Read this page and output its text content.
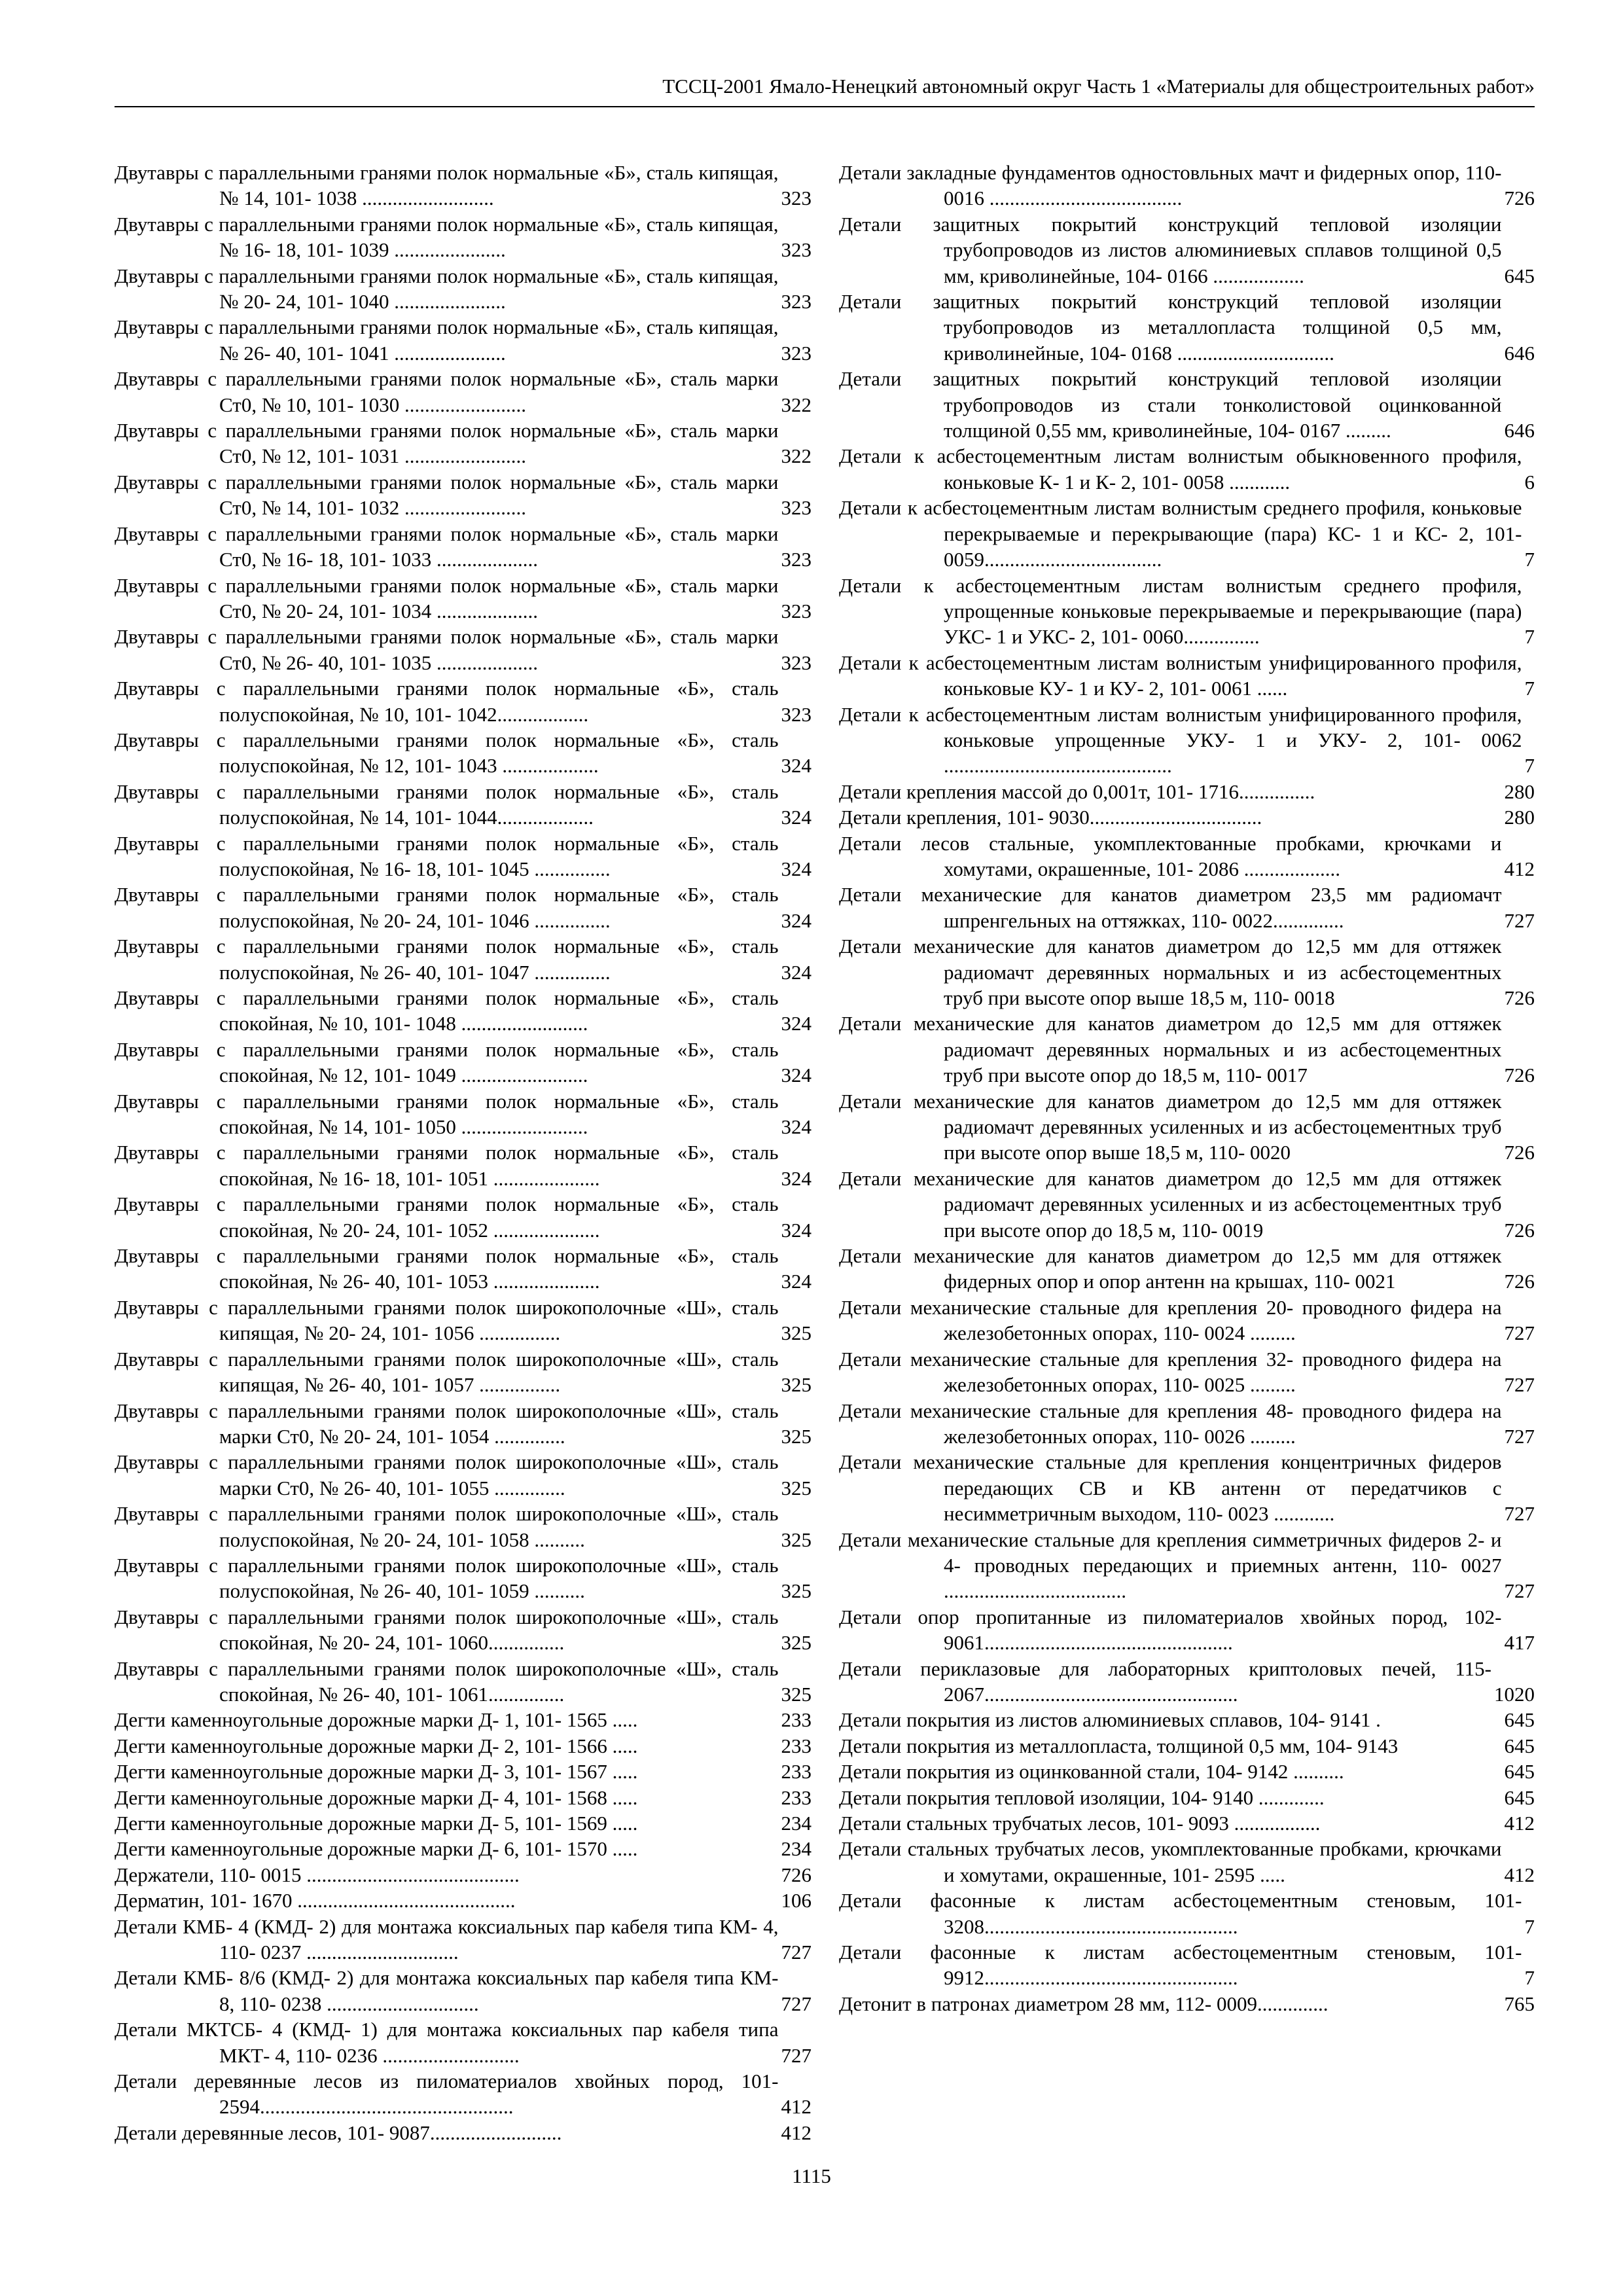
ТССЦ-2001 Ямало-Ненецкий автономный округ Часть 1 «Материалы для общестроительных работ»
Двутавры с параллельными гранями полок нормальные «Б», сталь кипящая, № 14, 101- 1038 ..........................	323
Двутавры с параллельными гранями полок нормальные «Б», сталь кипящая, № 16- 18, 101- 1039 ......................	323
Двутавры с параллельными гранями полок нормальные «Б», сталь кипящая, № 20- 24, 101- 1040 ......................	323
Двутавры с параллельными гранями полок нормальные «Б», сталь кипящая, № 26- 40, 101- 1041 ......................	323
Двутавры с параллельными гранями полок нормальные «Б», сталь марки Ст0, № 10, 101- 1030 ........................	322
Двутавры с параллельными гранями полок нормальные «Б», сталь марки Ст0, № 12, 101- 1031 ........................	322
Двутавры с параллельными гранями полок нормальные «Б», сталь марки Ст0, № 14, 101- 1032 ........................	323
Двутавры с параллельными гранями полок нормальные «Б», сталь марки Ст0, № 16- 18, 101- 1033 ....................	323
Двутавры с параллельными гранями полок нормальные «Б», сталь марки Ст0, № 20- 24, 101- 1034 ....................	323
Двутавры с параллельными гранями полок нормальные «Б», сталь марки Ст0, № 26- 40, 101- 1035 ....................	323
Двутавры с параллельными гранями полок нормальные «Б», сталь полуспокойная, № 10, 101- 1042..................	323
Двутавры с параллельными гранями полок нормальные «Б», сталь полуспокойная, № 12, 101- 1043 ...................	324
Двутавры с параллельными гранями полок нормальные «Б», сталь полуспокойная, № 14, 101- 1044...................	324
Двутавры с параллельными гранями полок нормальные «Б», сталь полуспокойная, № 16- 18, 101- 1045 ...............	324
Двутавры с параллельными гранями полок нормальные «Б», сталь полуспокойная, № 20- 24, 101- 1046 ...............	324
Двутавры с параллельными гранями полок нормальные «Б», сталь полуспокойная, № 26- 40, 101- 1047 ...............	324
Двутавры с параллельными гранями полок нормальные «Б», сталь спокойная, № 10, 101- 1048 .........................	324
Двутавры с параллельными гранями полок нормальные «Б», сталь спокойная, № 12, 101- 1049 .........................	324
Двутавры с параллельными гранями полок нормальные «Б», сталь спокойная, № 14, 101- 1050 .........................	324
Двутавры с параллельными гранями полок нормальные «Б», сталь спокойная, № 16- 18, 101- 1051 .....................	324
Двутавры с параллельными гранями полок нормальные «Б», сталь спокойная, № 20- 24, 101- 1052 .....................	324
Двутавры с параллельными гранями полок нормальные «Б», сталь спокойная, № 26- 40, 101- 1053 .....................	324
Двутавры с параллельными гранями полок широкополочные «Ш», сталь кипящая, № 20- 24, 101- 1056 ................	325
Двутавры с параллельными гранями полок широкополочные «Ш», сталь кипящая, № 26- 40, 101- 1057 ................	325
Двутавры с параллельными гранями полок широкополочные «Ш», сталь марки Ст0, № 20- 24, 101- 1054 ..............	325
Двутавры с параллельными гранями полок широкополочные «Ш», сталь марки Ст0, № 26- 40, 101- 1055 ..............	325
Двутавры с параллельными гранями полок широкополочные «Ш», сталь полуспокойная, № 20- 24, 101- 1058 ..........	325
Двутавры с параллельными гранями полок широкополочные «Ш», сталь полуспокойная, № 26- 40, 101- 1059 ..........	325
Двутавры с параллельными гранями полок широкополочные «Ш», сталь спокойная, № 20- 24, 101- 1060...............	325
Двутавры с параллельными гранями полок широкополочные «Ш», сталь спокойная, № 26- 40, 101- 1061...............	325
Дегти каменноугольные дорожные марки Д- 1, 101- 1565 .....	233
Дегти каменноугольные дорожные марки Д- 2, 101- 1566 .....	233
Дегти каменноугольные дорожные марки Д- 3, 101- 1567 .....	233
Дегти каменноугольные дорожные марки Д- 4, 101- 1568 .....	233
Дегти каменноугольные дорожные марки Д- 5, 101- 1569 .....	234
Дегти каменноугольные дорожные марки Д- 6, 101- 1570 .....	234
Держатели, 110- 0015 ..........................................	726
Дерматин, 101- 1670 ...........................................	106
Детали КМБ- 4 (КМД- 2) для монтажа коксиальных пар кабеля типа КМ- 4, 110- 0237 ..............................	727
Детали КМБ- 8/6 (КМД- 2) для монтажа коксиальных пар кабеля типа КМ- 8, 110- 0238 ..............................	727
Детали МКТСБ- 4 (КМД- 1) для монтажа коксиальных пар кабеля типа МКТ- 4, 110- 0236 ...........................	727
Детали деревянные лесов из пиломатериалов хвойных пород, 101- 2594..................................................	412
Детали деревянные лесов, 101- 9087..........................	412
Детали закладные фундаментов одностовльных мачт и фидерных опор, 110- 0016 ......................................	726
Детали защитных покрытий конструкций тепловой изоляции трубопроводов из листов алюминиевых сплавов толщиной 0,5 мм, криволинейные, 104- 0166 ..................	645
Детали защитных покрытий конструкций тепловой изоляции трубопроводов из металлопласта толщиной 0,5 мм, криволинейные, 104- 0168 ...............................	646
Детали защитных покрытий конструкций тепловой изоляции трубопроводов из стали тонколистовой оцинкованной толщиной 0,55 мм, криволинейные, 104- 0167 .........	646
Детали к асбестоцементным листам волнистым обыкновенного профиля, коньковые К- 1 и К- 2, 101- 0058 ............	6
Детали к асбестоцементным листам волнистым среднего профиля, коньковые перекрываемые и перекрывающие (пара) КС- 1 и КС- 2, 101- 0059...................................	7
Детали к асбестоцементным листам волнистым среднего профиля, упрощенные коньковые перекрываемые и перекрывающие (пара) УКС- 1 и УКС- 2, 101- 0060...............	7
Детали к асбестоцементным листам волнистым унифицированного профиля, коньковые КУ- 1 и КУ- 2, 101- 0061 ......	7
Детали к асбестоцементным листам волнистым унифицированного профиля, коньковые упрощенные УКУ- 1 и УКУ- 2, 101- 0062 .............................................	7
Детали крепления массой до 0,001т, 101- 1716...............	280
Детали крепления, 101- 9030..................................	280
Детали лесов стальные, укомплектованные пробками, крючками и хомутами, окрашенные, 101- 2086 ...................	412
Детали механические для канатов диаметром 23,5 мм радиомачт шпренгельных на оттяжках, 110- 0022..............	727
Детали механические для канатов диаметром до 12,5 мм для оттяжек радиомачт деревянных нормальных и из асбестоцементных труб при высоте опор выше 18,5 м, 110- 0018	726
Детали механические для канатов диаметром до 12,5 мм для оттяжек радиомачт деревянных нормальных и из асбестоцементных труб при высоте опор до 18,5 м, 110- 0017	726
Детали механические для канатов диаметром до 12,5 мм для оттяжек радиомачт деревянных усиленных и из асбестоцементных труб при высоте опор выше 18,5 м, 110- 0020	726
Детали механические для канатов диаметром до 12,5 мм для оттяжек радиомачт деревянных усиленных и из асбестоцементных труб при высоте опор до 18,5 м, 110- 0019	726
Детали механические для канатов диаметром до 12,5 мм для оттяжек фидерных опор и опор антенн на крышах, 110- 0021	726
Детали механические стальные для крепления 20- проводного фидера на железобетонных опорах, 110- 0024 .........	727
Детали механические стальные для крепления 32- проводного фидера на железобетонных опорах, 110- 0025 .........	727
Детали механические стальные для крепления 48- проводного фидера на железобетонных опорах, 110- 0026 .........	727
Детали механические стальные для крепления концентричных фидеров передающих СВ и КВ антенн от передатчиков с несимметричным выходом, 110- 0023 ............	727
Детали механические стальные для крепления симметричных фидеров 2- и 4- проводных передающих и приемных антенн, 110- 0027 ....................................	727
Детали опор пропитанные из пиломатериалов хвойных пород, 102- 9061.................................................	417
Детали периклазовые для лабораторных криптоловых печей, 115- 2067..................................................	1020
Детали покрытия из листов алюминиевых сплавов, 104- 9141 .	645
Детали покрытия из металлопласта, толщиной 0,5 мм, 104- 9143	645
Детали покрытия из оцинкованной стали, 104- 9142 ..........	645
Детали покрытия тепловой изоляции, 104- 9140 .............	645
Детали стальных трубчатых лесов, 101- 9093 .................	412
Детали стальных трубчатых лесов, укомплектованные пробками, крючками и хомутами, окрашенные, 101- 2595 .....	412
Детали фасонные к листам асбестоцементным стеновым, 101- 3208..................................................	7
Детали фасонные к листам асбестоцементным стеновым, 101- 9912..................................................	7
Детонит в патронах диаметром 28 мм, 112- 0009..............	765
1115
